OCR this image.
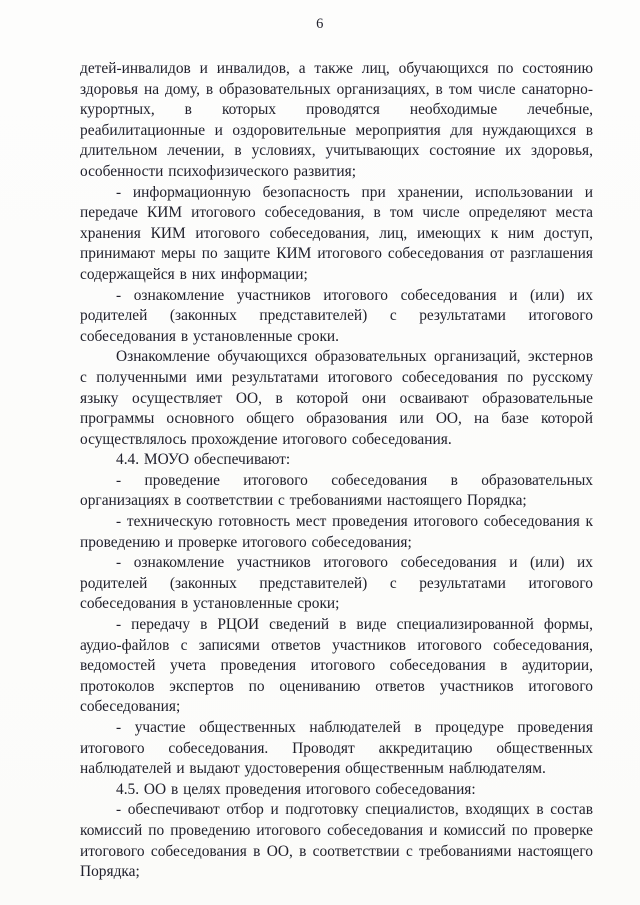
6

детей-инвалидов и инвалидов, а также лиц, обучающихся по состоянию здоровья на дому, в образовательных организациях, в том числе санаторно-курортных, в которых проводятся необходимые лечебные, реабилитационные и оздоровительные мероприятия для нуждающихся в длительном лечении, в условиях, учитывающих состояние их здоровья, особенности психофизического развития;

- информационную безопасность при хранении, использовании и передаче КИМ итогового собеседования, в том числе определяют места хранения КИМ итогового собеседования, лиц, имеющих к ним доступ, принимают меры по защите КИМ итогового собеседования от разглашения содержащейся в них информации;

- ознакомление участников итогового собеседования и (или) их родителей (законных представителей) с результатами итогового собеседования в установленные сроки.

Ознакомление обучающихся образовательных организаций, экстернов с полученными ими результатами итогового собеседования по русскому языку осуществляет ОО, в которой они осваивают образовательные программы основного общего образования или ОО, на базе которой осуществлялось прохождение итогового собеседования.

4.4. МОУО обеспечивают:

- проведение итогового собеседования в образовательных организациях в соответствии с требованиями настоящего Порядка;

- техническую готовность мест проведения итогового собеседования к проведению и проверке итогового собеседования;

- ознакомление участников итогового собеседования и (или) их родителей (законных представителей) с результатами итогового собеседования в установленные сроки;

- передачу в РЦОИ сведений в виде специализированной формы, аудио-файлов с записями ответов участников итогового собеседования, ведомостей учета проведения итогового собеседования в аудитории, протоколов экспертов по оцениванию ответов участников итогового собеседования;

- участие общественных наблюдателей в процедуре проведения итогового собеседования. Проводят аккредитацию общественных наблюдателей и выдают удостоверения общественным наблюдателям.

4.5. ОО в целях проведения итогового собеседования:

- обеспечивают отбор и подготовку специалистов, входящих в состав комиссий по проведению итогового собеседования и комиссий по проверке итогового собеседования в ОО, в соответствии с требованиями настоящего Порядка;
